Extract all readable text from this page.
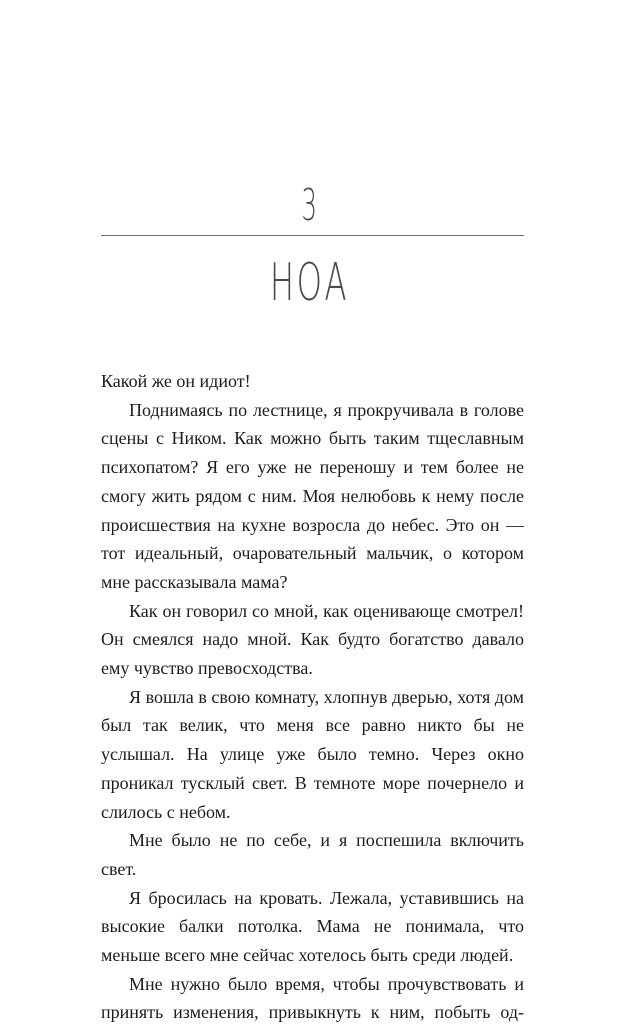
3
НОА

Какой же он идиот!

Поднимаясь по лестнице, я прокручивала в голове сцены с Ником. Как можно быть таким тщеславным психопатом? Я его уже не переношу и тем более не смогу жить рядом с ним. Моя нелюбовь к нему после происшествия на кухне возросла до небес. Это он — тот идеальный, очаровательный мальчик, о котором мне рассказывала мама?

Как он говорил со мной, как оценивающе смотрел! Он смеялся надо мной. Как будто богатство давало ему чувство превосходства.

Я вошла в свою комнату, хлопнув дверью, хотя дом был так велик, что меня все равно никто бы не услышал. На улице уже было темно. Через окно проникал тусклый свет. В темноте море почернело и слилось с небом.

Мне было не по себе, и я поспешила включить свет.

Я бросилась на кровать. Лежала, уставившись на высокие балки потолка. Мама не понимала, что меньше всего мне сейчас хотелось быть среди людей.

Мне нужно было время, чтобы прочувствовать и принять изменения, привыкнуть к ним, побыть од-
